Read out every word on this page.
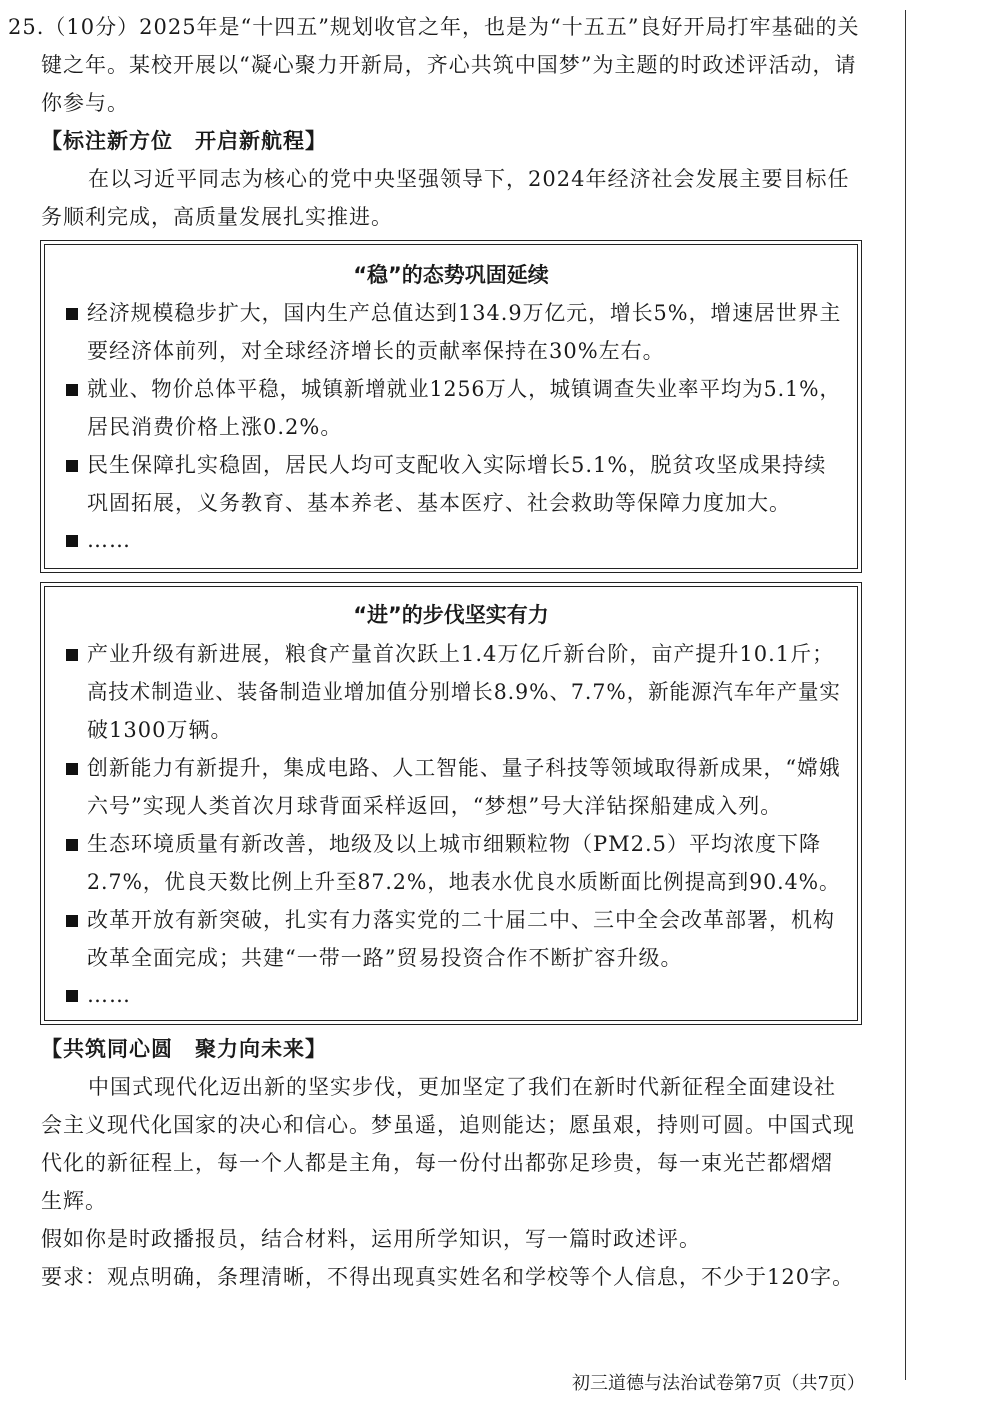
25.（10分）2025年是“十四五”规划收官之年，也是为“十五五”良好开局打牢基础的关
键之年。某校开展以“凝心聚力开新局，齐心共筑中国梦”为主题的时政述评活动，请
你参与。
【标注新方位　开启新航程】
在以习近平同志为核心的党中央坚强领导下，2024年经济社会发展主要目标任
务顺利完成，高质量发展扎实推进。
“稳”的态势巩固延续
经济规模稳步扩大，国内生产总值达到134.9万亿元，增长5%，增速居世界主
要经济体前列，对全球经济增长的贡献率保持在30%左右。
就业、物价总体平稳，城镇新增就业1256万人，城镇调查失业率平均为5.1%，
居民消费价格上涨0.2%。
民生保障扎实稳固，居民人均可支配收入实际增长5.1%，脱贫攻坚成果持续
巩固拓展，义务教育、基本养老、基本医疗、社会救助等保障力度加大。
……
“进”的步伐坚实有力
产业升级有新进展，粮食产量首次跃上1.4万亿斤新台阶，亩产提升10.1斤；
高技术制造业、装备制造业增加值分别增长8.9%、7.7%，新能源汽车年产量实
破1300万辆。
创新能力有新提升，集成电路、人工智能、量子科技等领域取得新成果，“嫦娥
六号”实现人类首次月球背面采样返回，“梦想”号大洋钻探船建成入列。
生态环境质量有新改善，地级及以上城市细颗粒物（PM2.5）平均浓度下降
2.7%，优良天数比例上升至87.2%，地表水优良水质断面比例提高到90.4%。
改革开放有新突破，扎实有力落实党的二十届二中、三中全会改革部署，机构
改革全面完成；共建“一带一路”贸易投资合作不断扩容升级。
……
【共筑同心圆　聚力向未来】
中国式现代化迈出新的坚实步伐，更加坚定了我们在新时代新征程全面建设社
会主义现代化国家的决心和信心。梦虽遥，追则能达；愿虽艰，持则可圆。中国式现
代化的新征程上，每一个人都是主角，每一份付出都弥足珍贵，每一束光芒都熠熠
生辉。
假如你是时政播报员，结合材料，运用所学知识，写一篇时政述评。
要求：观点明确，条理清晰，不得出现真实姓名和学校等个人信息，不少于120字。
初三道德与法治试卷第7页（共7页）
